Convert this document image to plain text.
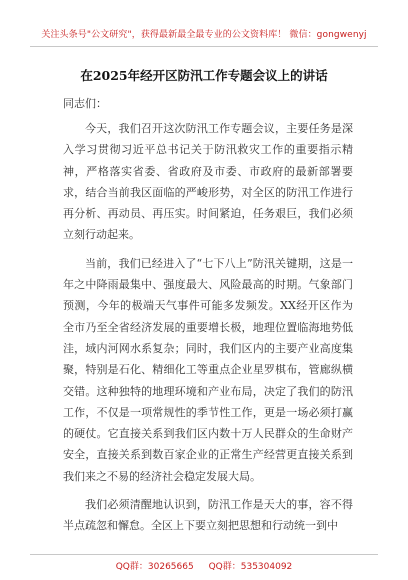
关注头条号"公文研究"，获得最新最全最专业的公文资料库！ 微信：gongwenyj
在2025年经开区防汛工作专题会议上的讲话
同志们：

今天，我们召开这次防汛工作专题会议，主要任务是深入学习贯彻习近平总书记关于防汛救灾工作的重要指示精神，严格落实省委、省政府及市委、市政府的最新部署要求，结合当前我区面临的严峻形势，对全区的防汛工作进行再分析、再动员、再压实。时间紧迫，任务艰巨，我们必须立刻行动起来。

当前，我们已经进入了“七下八上”防汛关键期，这是一年之中降雨最集中、强度最大、风险最高的时期。气象部门预测，今年的极端天气事件可能多发频发。XX经开区作为全市乃至全省经济发展的重要增长极，地理位置临海地势低洼，域内河网水系复杂；同时，我们区内的主要产业高度集聚，特别是石化、精细化工等重点企业星罗棋布，管廊纵横交错。这种独特的地理环境和产业布局，决定了我们的防汛工作，不仅是一项常规性的季节性工作，更是一场必须打赢的硬仗。它直接关系到我们区内数十万人民群众的生命财产安全，直接关系到数百家企业的正常生产经营更直接关系到我们来之不易的经济社会稳定发展大局。

我们必须清醒地认识到，防汛工作是天大的事，容不得半点疏忽和懈怠。全区上下要立刻把思想和行动统一到中

QQ群：30265665 QQ群：535304092
